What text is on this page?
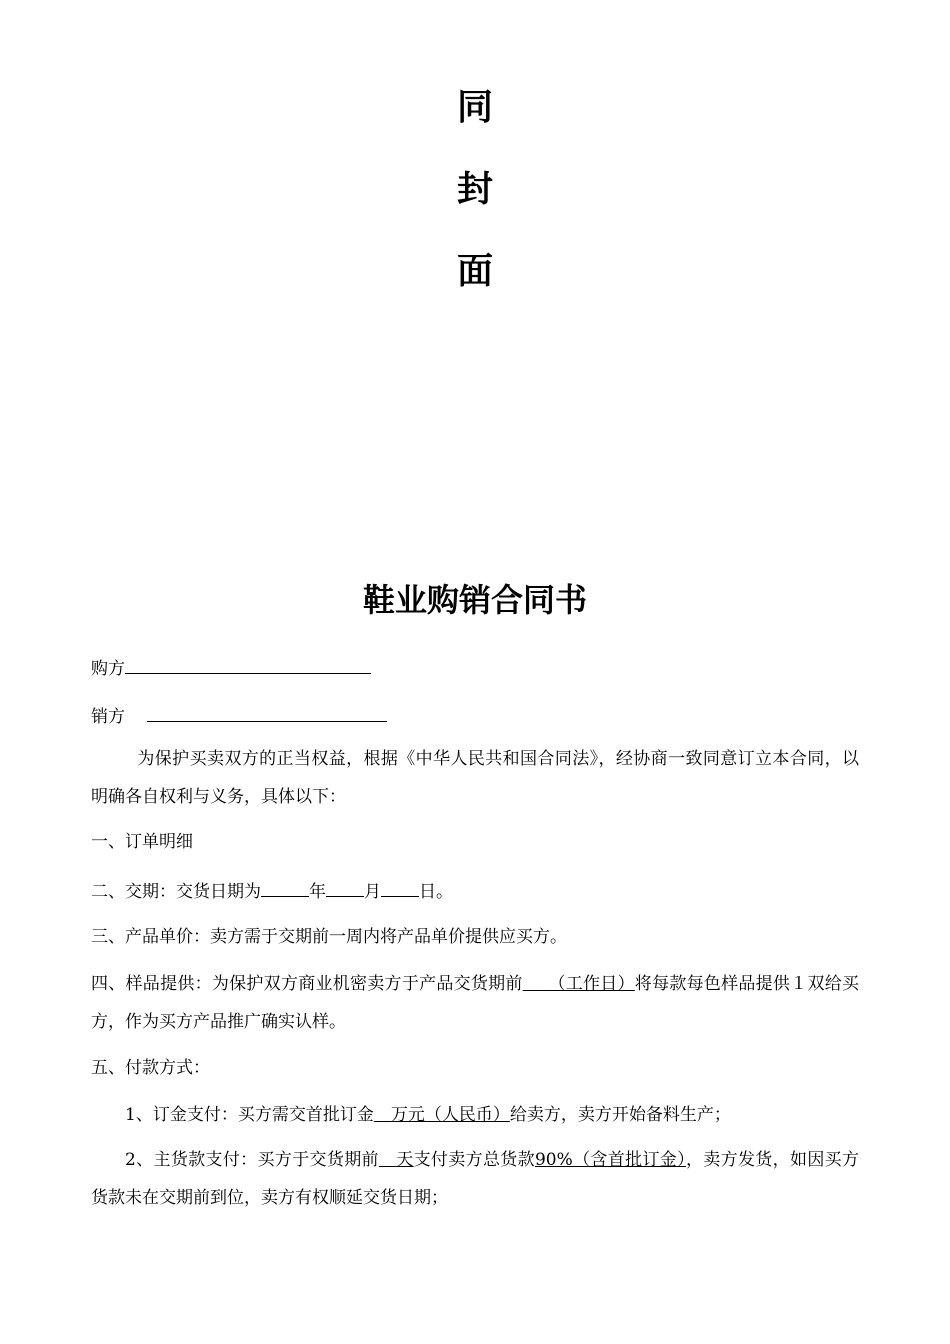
同
封
面
鞋业购销合同书
购方
销方
为保护买卖双方的正当权益，根据《中华人民共和国合同法》，经协商一致同意订立本合同，以明确各自权利与义务，具体以下：
一、订单明细
二、交期：交货日期为	年 月 日。
三、产品单价：卖方需于交期前一周内将产品单价提供应买方。
四、样品提供：为保护双方商业机密卖方于产品交货期前   （工作日）将每款每色样品提供１双给买方，作为买方产品推广确实认样。
五、付款方式：
1、订金支付：买方需交首批订金  万元（人民币）给卖方，卖方开始备料生产；
2、主货款支付：买方于交货期前  天支付卖方总货款90%（含首批订金），卖方发货，如因买方货款未在交期前到位，卖方有权顺延交货日期；
